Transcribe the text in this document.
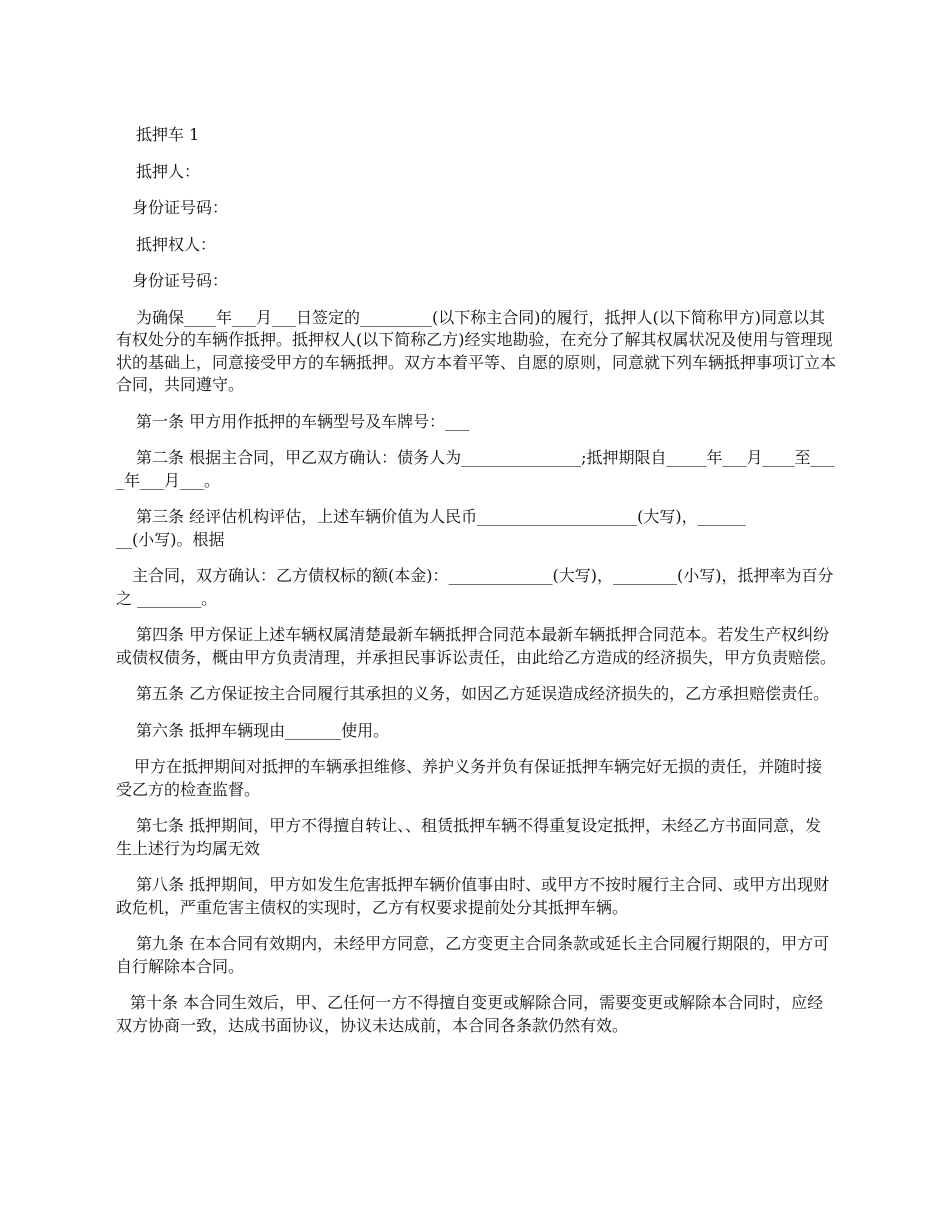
抵押车 1

抵押人：

身份证号码：

抵押权人：

身份证号码：

为确保____年___月___日签定的_________(以下称主合同)的履行，抵押人(以下简称甲方)同意以其有权处分的车辆作抵押。抵押权人(以下简称乙方)经实地勘验，在充分了解其权属状况及使用与管理现状的基础上，同意接受甲方的车辆抵押。双方本着平等、自愿的原则，同意就下列车辆抵押事项订立本合同，共同遵守。

第一条 甲方用作抵押的车辆型号及车牌号：___

第二条 根据主合同，甲乙双方确认：债务人为_______________;抵押期限自_____年___月____至____年___月___。

第三条 经评估机构评估，上述车辆价值为人民币____________________(大写)，________(小写)。根据

主合同，双方确认：乙方债权标的额(本金)：_____________(大写)，________(小写)，抵押率为百分之 ________。

第四条 甲方保证上述车辆权属清楚最新车辆抵押合同范本最新车辆抵押合同范本。若发生产权纠纷或债权债务，概由甲方负责清理，并承担民事诉讼责任，由此给乙方造成的经济损失，甲方负责赔偿。

第五条 乙方保证按主合同履行其承担的义务，如因乙方延误造成经济损失的，乙方承担赔偿责任。

第六条 抵押车辆现由_______使用。

甲方在抵押期间对抵押的车辆承担维修、养护义务并负有保证抵押车辆完好无损的责任，并随时接受乙方的检查监督。

第七条 抵押期间，甲方不得擅自转让、、租赁抵押车辆不得重复设定抵押，未经乙方书面同意，发生上述行为均属无效

第八条 抵押期间，甲方如发生危害抵押车辆价值事由时、或甲方不按时履行主合同、或甲方出现财政危机，严重危害主债权的实现时，乙方有权要求提前处分其抵押车辆。

第九条 在本合同有效期内，未经甲方同意，乙方变更主合同条款或延长主合同履行期限的，甲方可自行解除本合同。

第十条 本合同生效后，甲、乙任何一方不得擅自变更或解除合同，需要变更或解除本合同时，应经双方协商一致，达成书面协议，协议未达成前，本合同各条款仍然有效。
